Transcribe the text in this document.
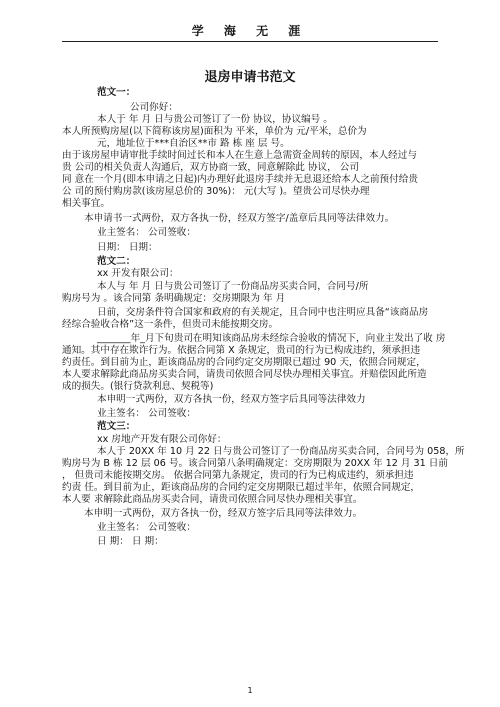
学 海 无 涯
退房申请书范文
范文一：
公司你好：
本人于 年 月 日与贵公司签订了一份 协议，协议编号 。
本人所预购房屋(以下简称该房屋)面积为 平米，单价为 元/平米，总价为
元，地址位于***自治区**市 路 栋 座 层 号。
由于该房屋申请审批手续时间过长和本人在生意上急需资金周转的原因，本人经过与
贵 公司的相关负责人沟通后，双方协商一致，同意解除此 协议， 公司
同 意在一个月(即本申请之日起)内办理好此退房手续并无息退还给本人之前预付给贵
公 司的预付购房款(该房屋总价的 30%)： 元(大写 )。望贵公司尽快办理
相关事宜。
本申请书一式两份，双方各执一份，经双方签字/盖章后具同等法律效力。
业主签名： 公司签收：
日期： 日期：
范文二：
xx 开发有限公司：
本人与 年 月 日与贵公司签订了一份商品房买卖合同，合同号/所
购房号为 。该合同第 条明确规定：交房期限为 年 月
日前，交房条件符合国家和政府的有关规定，且合同中也注明应具备“该商品房
经综合验收合格”这一条件，但贵司未能按期交房。
_______年_月下旬贵司在明知该商品房未经综合验收的情况下，向业主发出了收 房
通知。其中存在欺诈行为。依据合同第 X 条规定，贵司的行为已构成违约，须承担违
约责任。到目前为止，距该商品房的合同约定交房期限已超过 90 天，依照合同规定，
本人要求解除此商品房买卖合同，请贵司依照合同尽快办理相关事宜。并赔偿因此所造
成的损失。(银行贷款利息、契税等)
本申明一式两份，双方各执一份，经双方签字后具同等法律效力
业主签名： 公司签收：
范文三：
xx 房地产开发有限公司你好：
本人于 20XX 年 10 月 22 日与贵公司签订了一份商品房买卖合同，合同号为 058，所
购房号为 B 栋 12 层 06 号。该合同第八条明确规定：交房期限为 20XX 年 12 月 31 日前
， 但贵司未能按期交房。 依据合同第九条规定，贵司的行为已构成违约，须承担违
约责 任。到目前为止，距该商品房的合同约定交房期限已超过半年，依照合同规定，
本人要 求解除此商品房买卖合同，请贵司依照合同尽快办理相关事宜。
本申明一式两份，双方各执一份，经双方签字后具同等法律效力。
业主签名： 公司签收：
日 期： 日 期：
1
